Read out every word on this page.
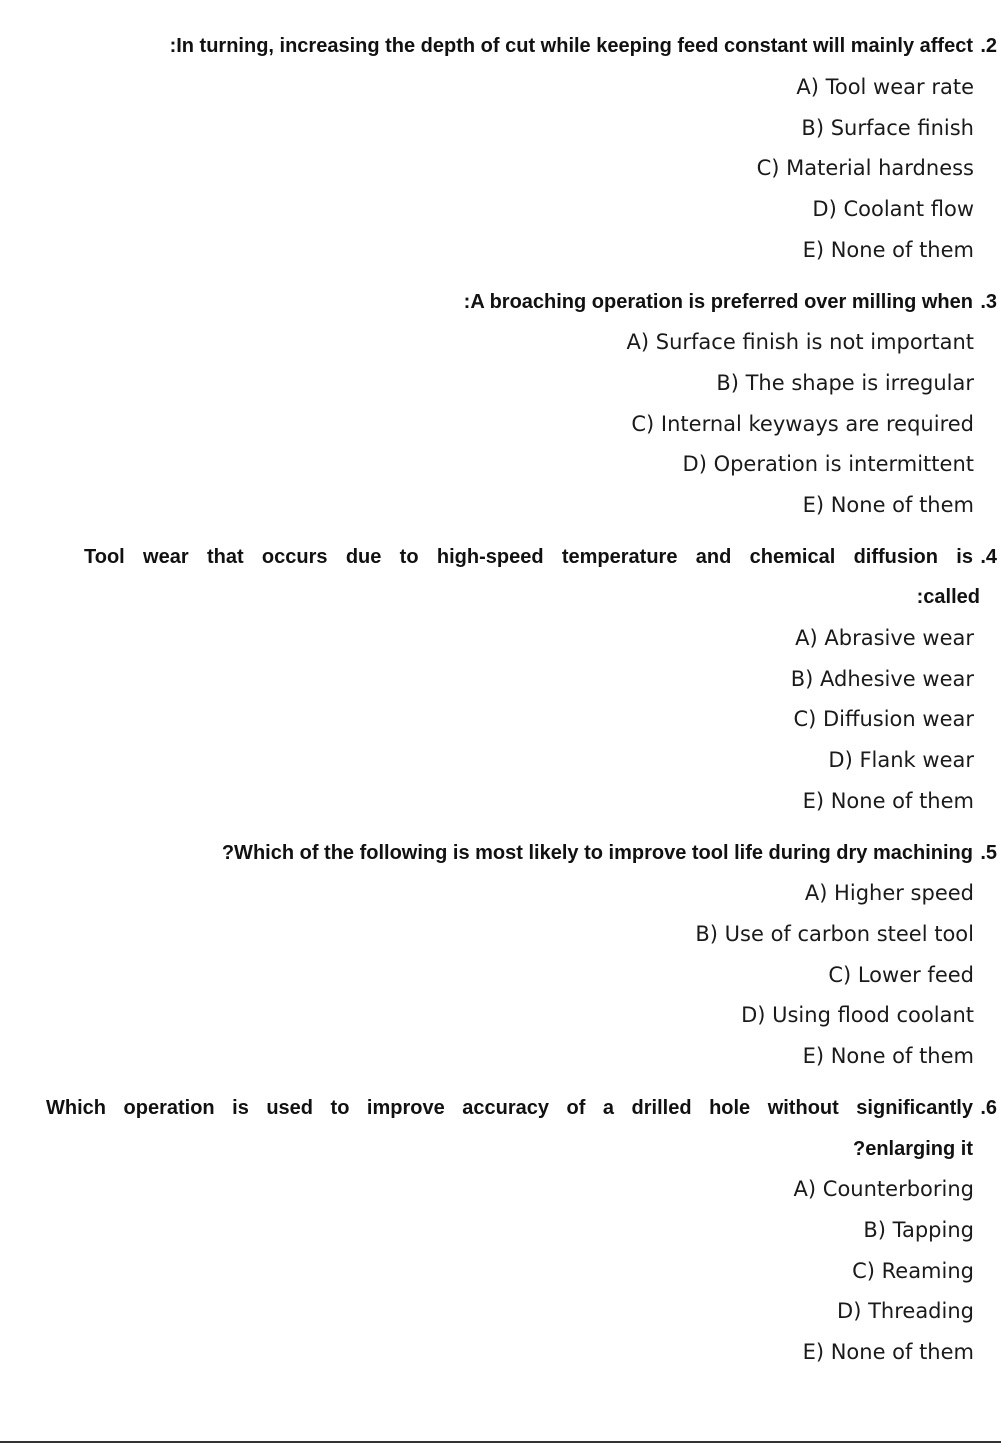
:In turning, increasing the depth of cut while keeping feed constant will mainly affect .2
A) Tool wear rate
B) Surface finish
C) Material hardness
D) Coolant flow
E) None of them
:A broaching operation is preferred over milling when .3
A) Surface finish is not important
B) The shape is irregular
C) Internal keyways are required
D) Operation is intermittent
E) None of them
Tool wear that occurs due to high-speed temperature and chemical diffusion is .4
:called
A) Abrasive wear
B) Adhesive wear
C) Diffusion wear
D) Flank wear
E) None of them
?Which of the following is most likely to improve tool life during dry machining .5
A) Higher speed
B) Use of carbon steel tool
C) Lower feed
D) Using flood coolant
E) None of them
Which operation is used to improve accuracy of a drilled hole without significantly .6
?enlarging it
A) Counterboring
B) Tapping
C) Reaming
D) Threading
E) None of them
